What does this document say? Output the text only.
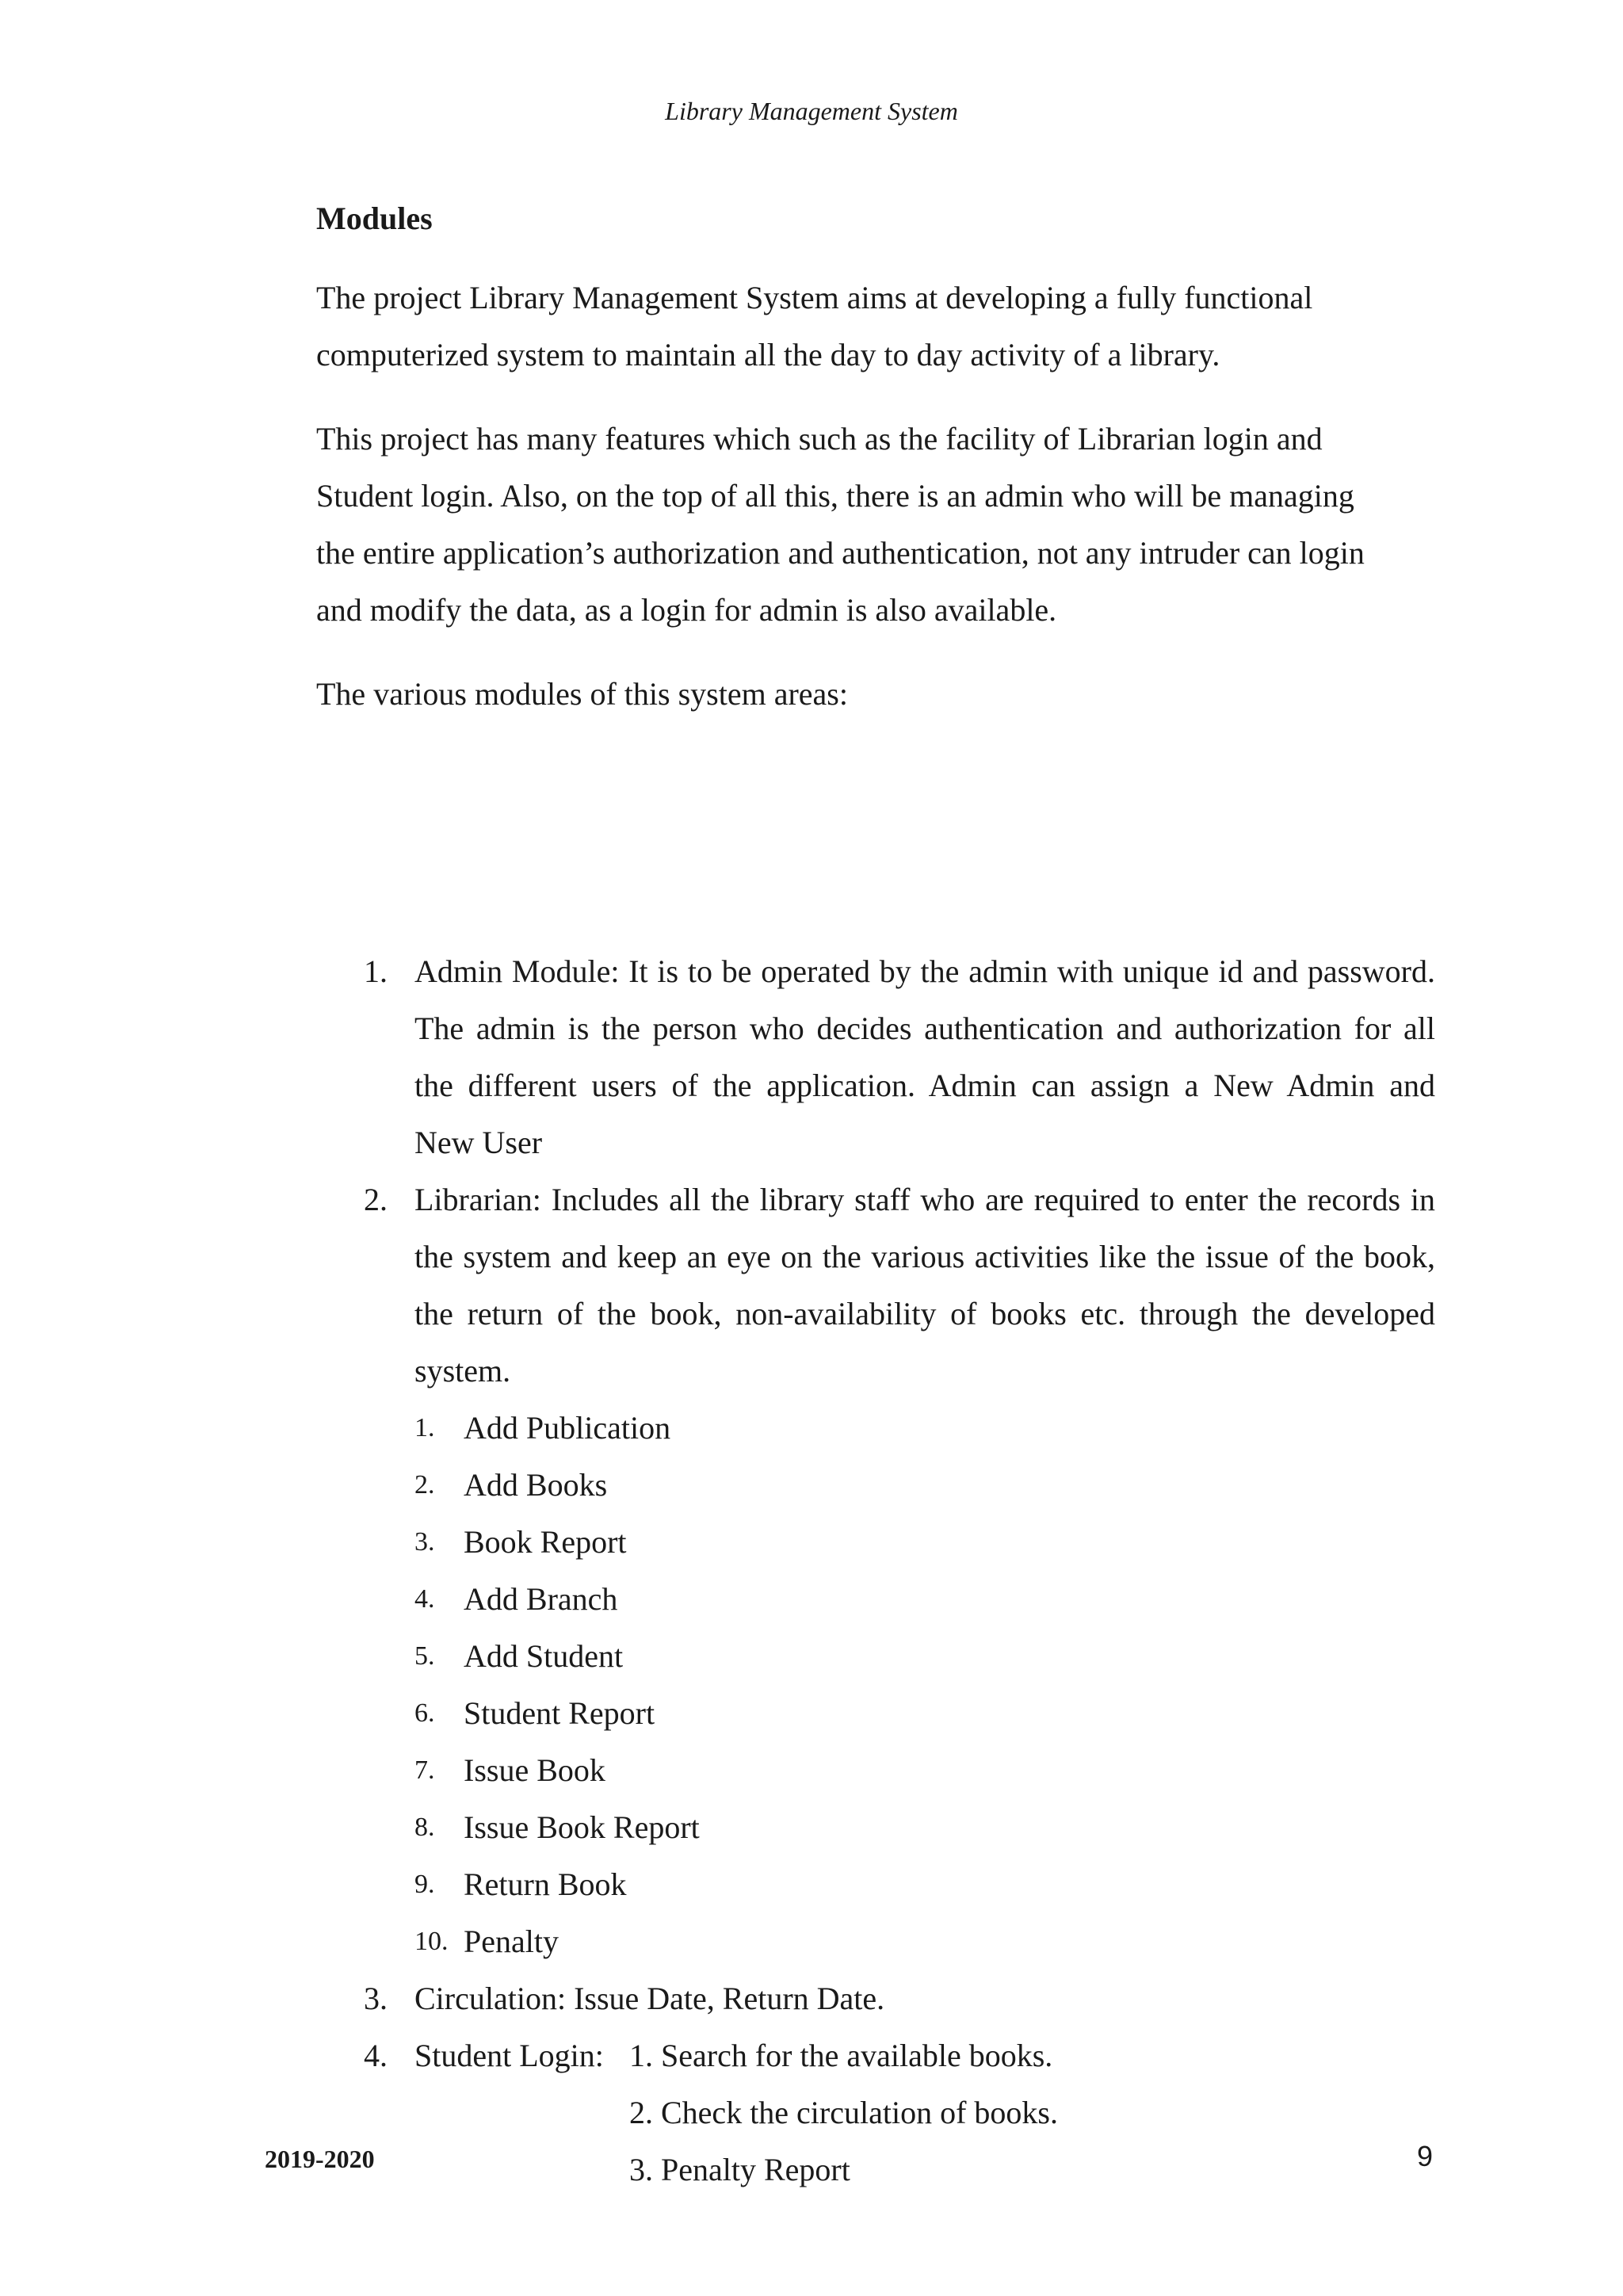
Library Management System
Modules
The project Library Management System aims at developing a fully functional
computerized system to maintain all the day to day activity of a library.
This project has many features which such as the facility of Librarian login and
Student login. Also, on the top of all this, there is an admin who will be managing
the entire application’s authorization and authentication, not any intruder can login
and modify the data, as a login for admin is also available.
The various modules of this system areas:
1. Admin Module: It is to be operated by the admin with unique id and password.
The admin is the person who decides authentication and authorization for all
the different users of the application. Admin can assign a New Admin and
New User
2. Librarian: Includes all the library staff who are required to enter the records in
the system and keep an eye on the various activities like the issue of the book,
the return of the book, non-availability of books etc. through the developed
system.
1. Add Publication
2. Add Books
3. Book Report
4. Add Branch
5. Add Student
6. Student Report
7. Issue Book
8. Issue Book Report
9. Return Book
10. Penalty
3. Circulation: Issue Date, Return Date.
4. Student Login: 1. Search for the available books.
2. Check the circulation of books.
3. Penalty Report
2019-2020	9
